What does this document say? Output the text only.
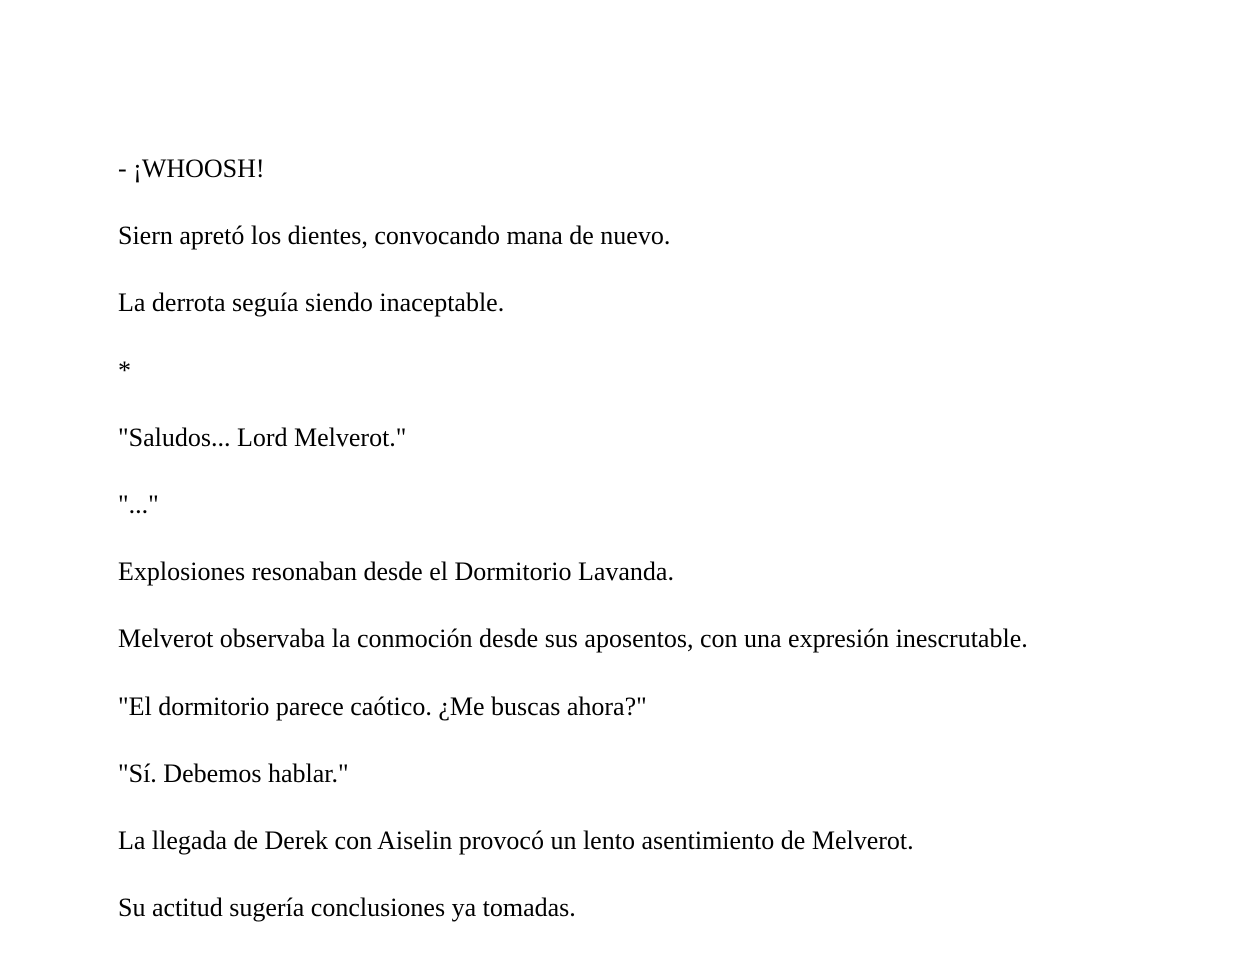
- ¡WHOOSH!

Siern apretó los dientes, convocando mana de nuevo.

La derrota seguía siendo inaceptable.

*

"Saludos... Lord Melverot."

"..."

Explosiones resonaban desde el Dormitorio Lavanda.

Melverot observaba la conmoción desde sus aposentos, con una expresión inescrutable.

"El dormitorio parece caótico. ¿Me buscas ahora?"

"Sí. Debemos hablar."

La llegada de Derek con Aiselin provocó un lento asentimiento de Melverot.

Su actitud sugería conclusiones ya tomadas.
